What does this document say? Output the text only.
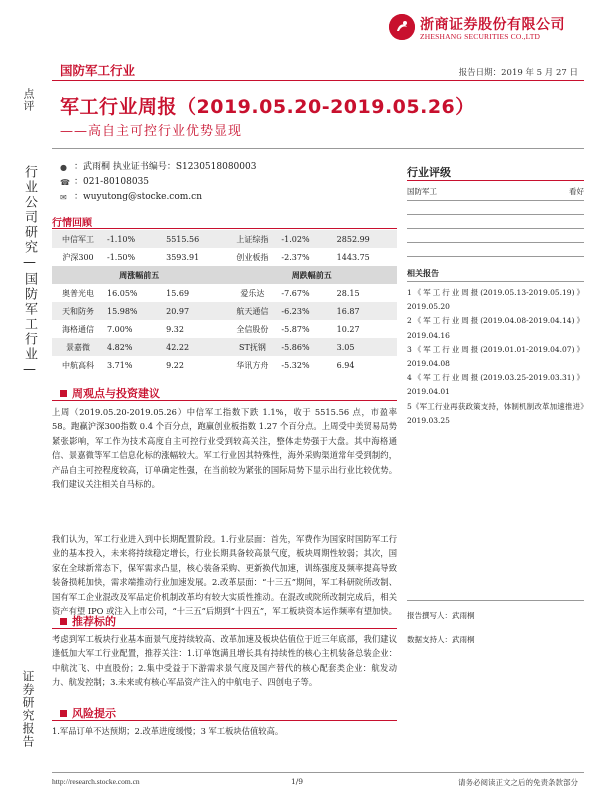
浙商证券股份有限公司
ZHESHANG SECURITIES CO.,LTD
国防军工行业	报告日期：2019 年 5 月 27 日
点评
行业公司研究—国防军工行业—
证券研究报告
军工行业周报（2019.05.20-2019.05.26）
——高自主可控行业优势显现
● ：武雨桐 执业证书编号：S1230518080003
☎ ：021-80108035
✉ ：wuyutong@stocke.com.cn
行情回顾
中信军工	-1.10%	5515.56	上证综指	-1.02%	2852.99
沪深300	-1.50%	3593.91	创业板指	-2.37%	1443.75
周涨幅前五			周跌幅前五		
奥普光电	16.05%	15.69	爱乐达	-7.67%	28.15
天和防务	15.98%	20.97	航天通信	-6.23%	16.87
海格通信	7.00%	9.32	全信股份	-5.87%	10.27
景嘉微	4.82%	42.22	ST抚钢	-5.86%	3.05
中航高科	3.71%	9.22	华讯方舟	-5.32%	6.94
行业评级
国防军工	看好
相关报告
1《军工行业周报(2019.05.13-2019.05.19)》2019.05.20
2《军工行业周报(2019.04.08-2019.04.14)》2019.04.16
3《军工行业周报(2019.01.01-2019.04.07)》2019.04.08
4《军工行业周报(2019.03.25-2019.03.31)》2019.04.01
5《军工行业再获政策支持，体制机制改革加速推进》2019.03.25
报告撰写人：武雨桐
数据支持人：武雨桐
周观点与投资建议
上周（2019.05.20-2019.05.26）中信军工指数下跌 1.1%，收于 5515.56 点，市盈率 58。跑赢沪深300指数 0.4 个百分点，跑赢创业板指数 1.27 个百分点。上周受中美贸易局势紧张影响，军工作为技术高度自主可控行业受到较高关注，整体走势强于大盘。其中海格通信、景嘉微等军工信息化标的涨幅较大。军工行业因其特殊性，海外采购渠道常年受到制约，产品自主可控程度较高，订单确定性强，在当前较为紧张的国际局势下显示出行业比较优势。我们建议关注相关自马标的。
我们认为，军工行业进入到中长期配置阶段。1.行业层面：首先，军费作为国家时国防军工行业的基本投入，未来将持续稳定增长，行业长期具备较高景气度，板块周期性较弱；其次，国家在全球新常态下，保军需求凸显，核心装备采购、更新换代加速，训练强度及频率提高导致装备损耗加快，需求端推动行业加速发展。2.改革层面：“十三五”期间，军工科研院所改制、国有军工企业混改及军品定价机制改革均有较大实质性推动。在混改或院所改制完成后，相关资产有望 IPO 或注入上市公司，“十三五”后期到“十四五”，军工板块资本运作频率有望加快。
推荐标的
考虑到军工板块行业基本面景气度持续较高、改革加速及板块估值位于近三年底部，我们建议逢低加大军工行业配置，推荐关注：1.订单饱满且增长具有持续性的核心主机装备总装企业：中航沈飞、中直股份；2.集中受益于下游需求景气度及国产替代的核心配套类企业：航发动力、航发控制；3.未来或有核心军品资产注入的中航电子、四创电子等。
风险提示
1.军品订单不达预期；2.改革进度缓慢；3 军工板块估值较高。
http://research.stocke.com.cn	1/9	请务必阅读正文之后的免责条款部分
